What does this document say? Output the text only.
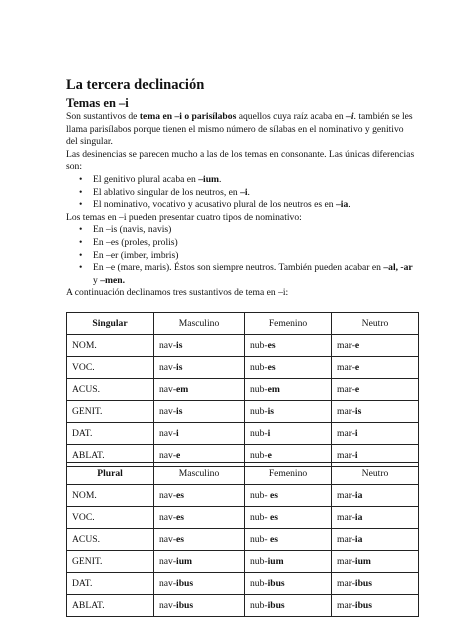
La tercera declinación
Temas en –i

Son sustantivos de tema en –i o parisílabos aquellos cuya raíz acaba en –i. también se les llama parisílabos porque tienen el mismo número de sílabas en el nominativo y genitivo del singular.

Las desinencias se parecen mucho a las de los temas en consonante. Las únicas diferencias son:

• El genitivo plural acaba en –ium.
• El ablativo singular de los neutros, en –i.
• El nominativo, vocativo y acusativo plural de los neutros es en –ia.

Los temas en –i pueden presentar cuatro tipos de nominativo:

• En –is (navis, navis)
• En –es (proles, prolis)
• En –er (imber, imbris)
• En –e (mare, maris). Éstos son siempre neutros. También pueden acabar en –al, -ar y –men.

A continuación declinamos tres sustantivos de tema en –i:

Singular	Masculino	Femenino	Neutro
NOM.	nav-is	nub-es	mar-e
VOC.	nav-is	nub-es	mar-e
ACUS.	nav-em	nub-em	mar-e
GENIT.	nav-is	nub-is	mar-is
DAT.	nav-i	nub-i	mar-i
ABLAT.	nav-e	nub-e	mar-i
Plural	Masculino	Femenino	Neutro
NOM.	nav-es	nub- es	mar-ia
VOC.	nav-es	nub- es	mar-ia
ACUS.	nav-es	nub- es	mar-ia
GENIT.	nav-ium	nub-ium	mar-ium
DAT.	nav-ibus	nub-ibus	mar-ibus
ABLAT.	nav-ibus	nub-ibus	mar-ibus
